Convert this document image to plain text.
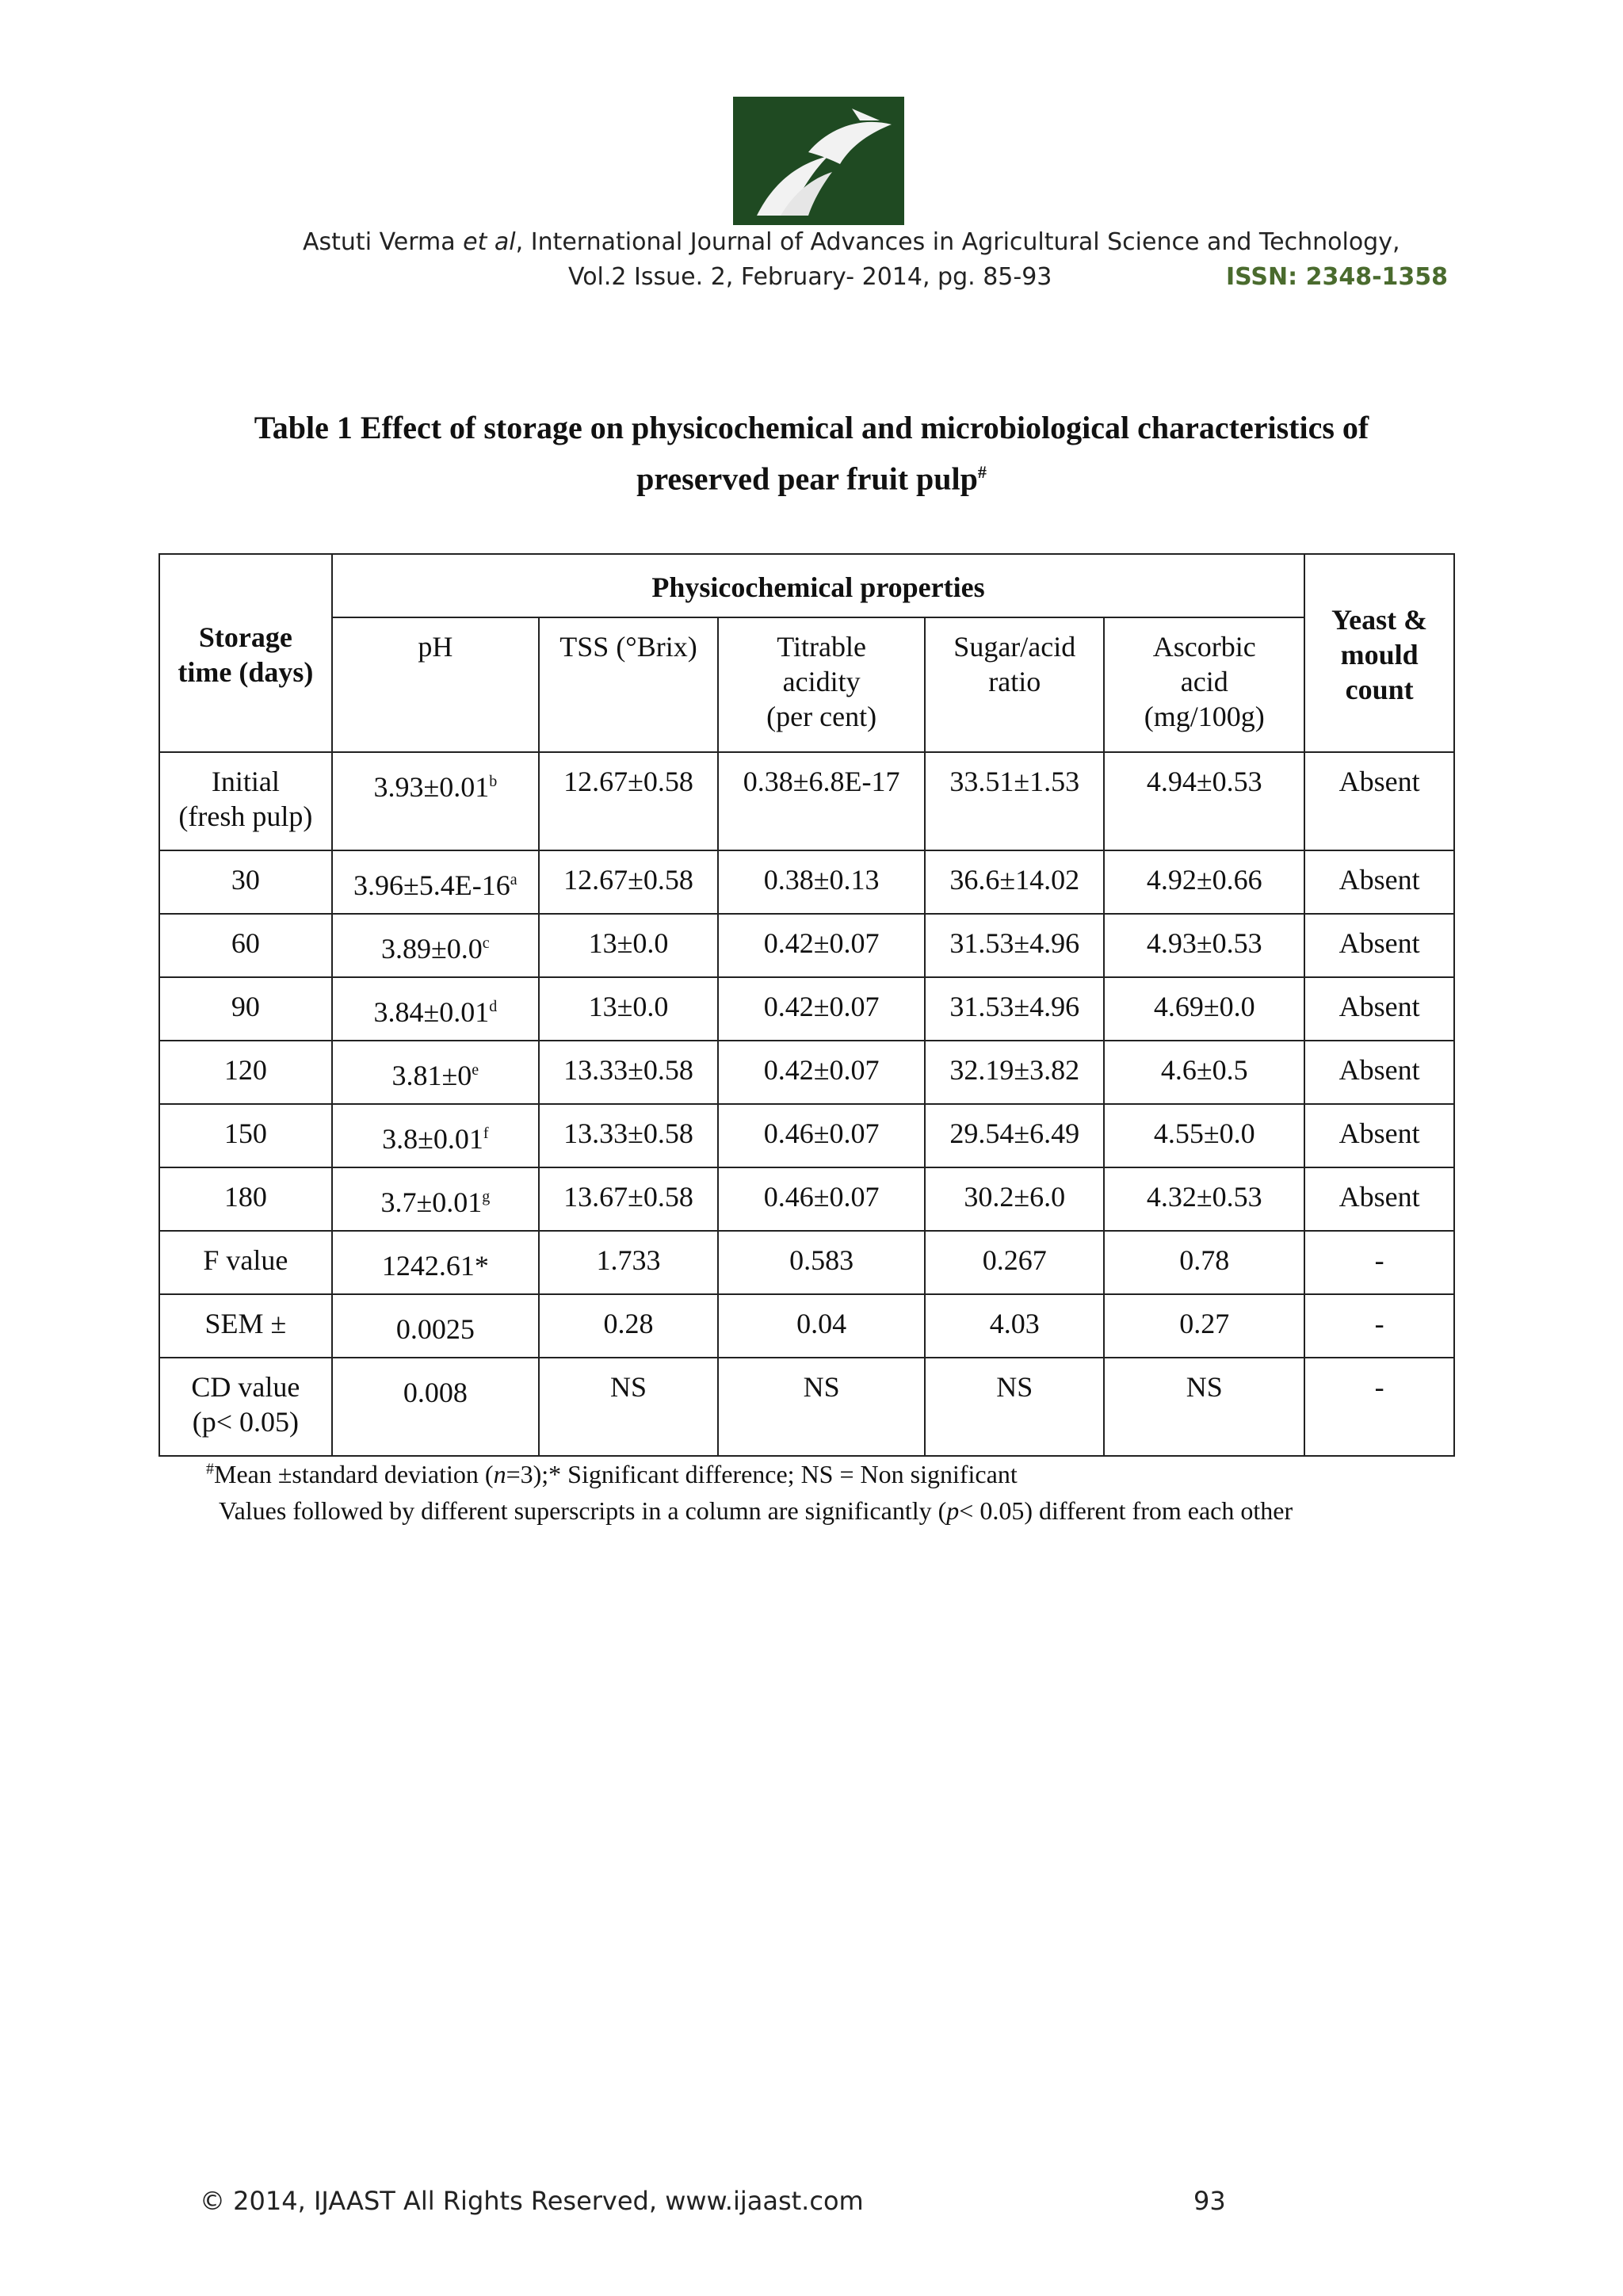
Astuti Verma et al, International Journal of Advances in Agricultural Science and Technology,
Vol.2 Issue. 2, February- 2014, pg. 85-93	ISSN: 2348-1358
Table 1 Effect of storage on physicochemical and microbiological characteristics of
preserved pear fruit pulp#
Storage
time (days)	Physicochemical properties					Yeast &
mould
count
	pH	TSS (°Brix)	Titrable
acidity
(per cent)	Sugar/acid
ratio	Ascorbic
acid
(mg/100g)	
Initial
(fresh pulp)	3.93±0.01$^b$	12.67±0.58	0.38±6.8E-17	33.51±1.53	4.94±0.53	Absent
30	$3.96\pm 5.4E-16^a$	12.67±0.58	0.38±0.13	36.6±14.02	4.92±0.66	Absent
60	3.89±0.0$^c$	13±0.0	0.42±0.07	31.53±4.96	4.93±0.53	Absent
90	3.84±0.01$^d$	13±0.0	0.42±0.07	31.53±4.96	4.69±0.0	Absent
120	$3.81\pm 0^e$	13.33±0.58	0.42±0.07	32.19±3.82	4.6±0.5	Absent
150	3.8±0.01$^f$	13.33±0.58	0.46±0.07	29.54±6.49	4.55±0.0	Absent
180	3.7±0.01$^g$	13.67±0.58	0.46±0.07	30.2±6.0	4.32±0.53	Absent
F value	1242.61*	1.733	0.583	0.267	0.78	-
SEM ±	0.0025	0.28	0.04	4.03	0.27	-
CD value
(p< 0.05)	0.008	NS	NS	NS	NS	-
#Mean ±standard deviation (n=3);* Significant difference; NS = Non significant
Values followed by different superscripts in a column are significantly (p< 0.05) different from each other
© 2014, IJAAST All Rights Reserved, www.ijaast.com	93
